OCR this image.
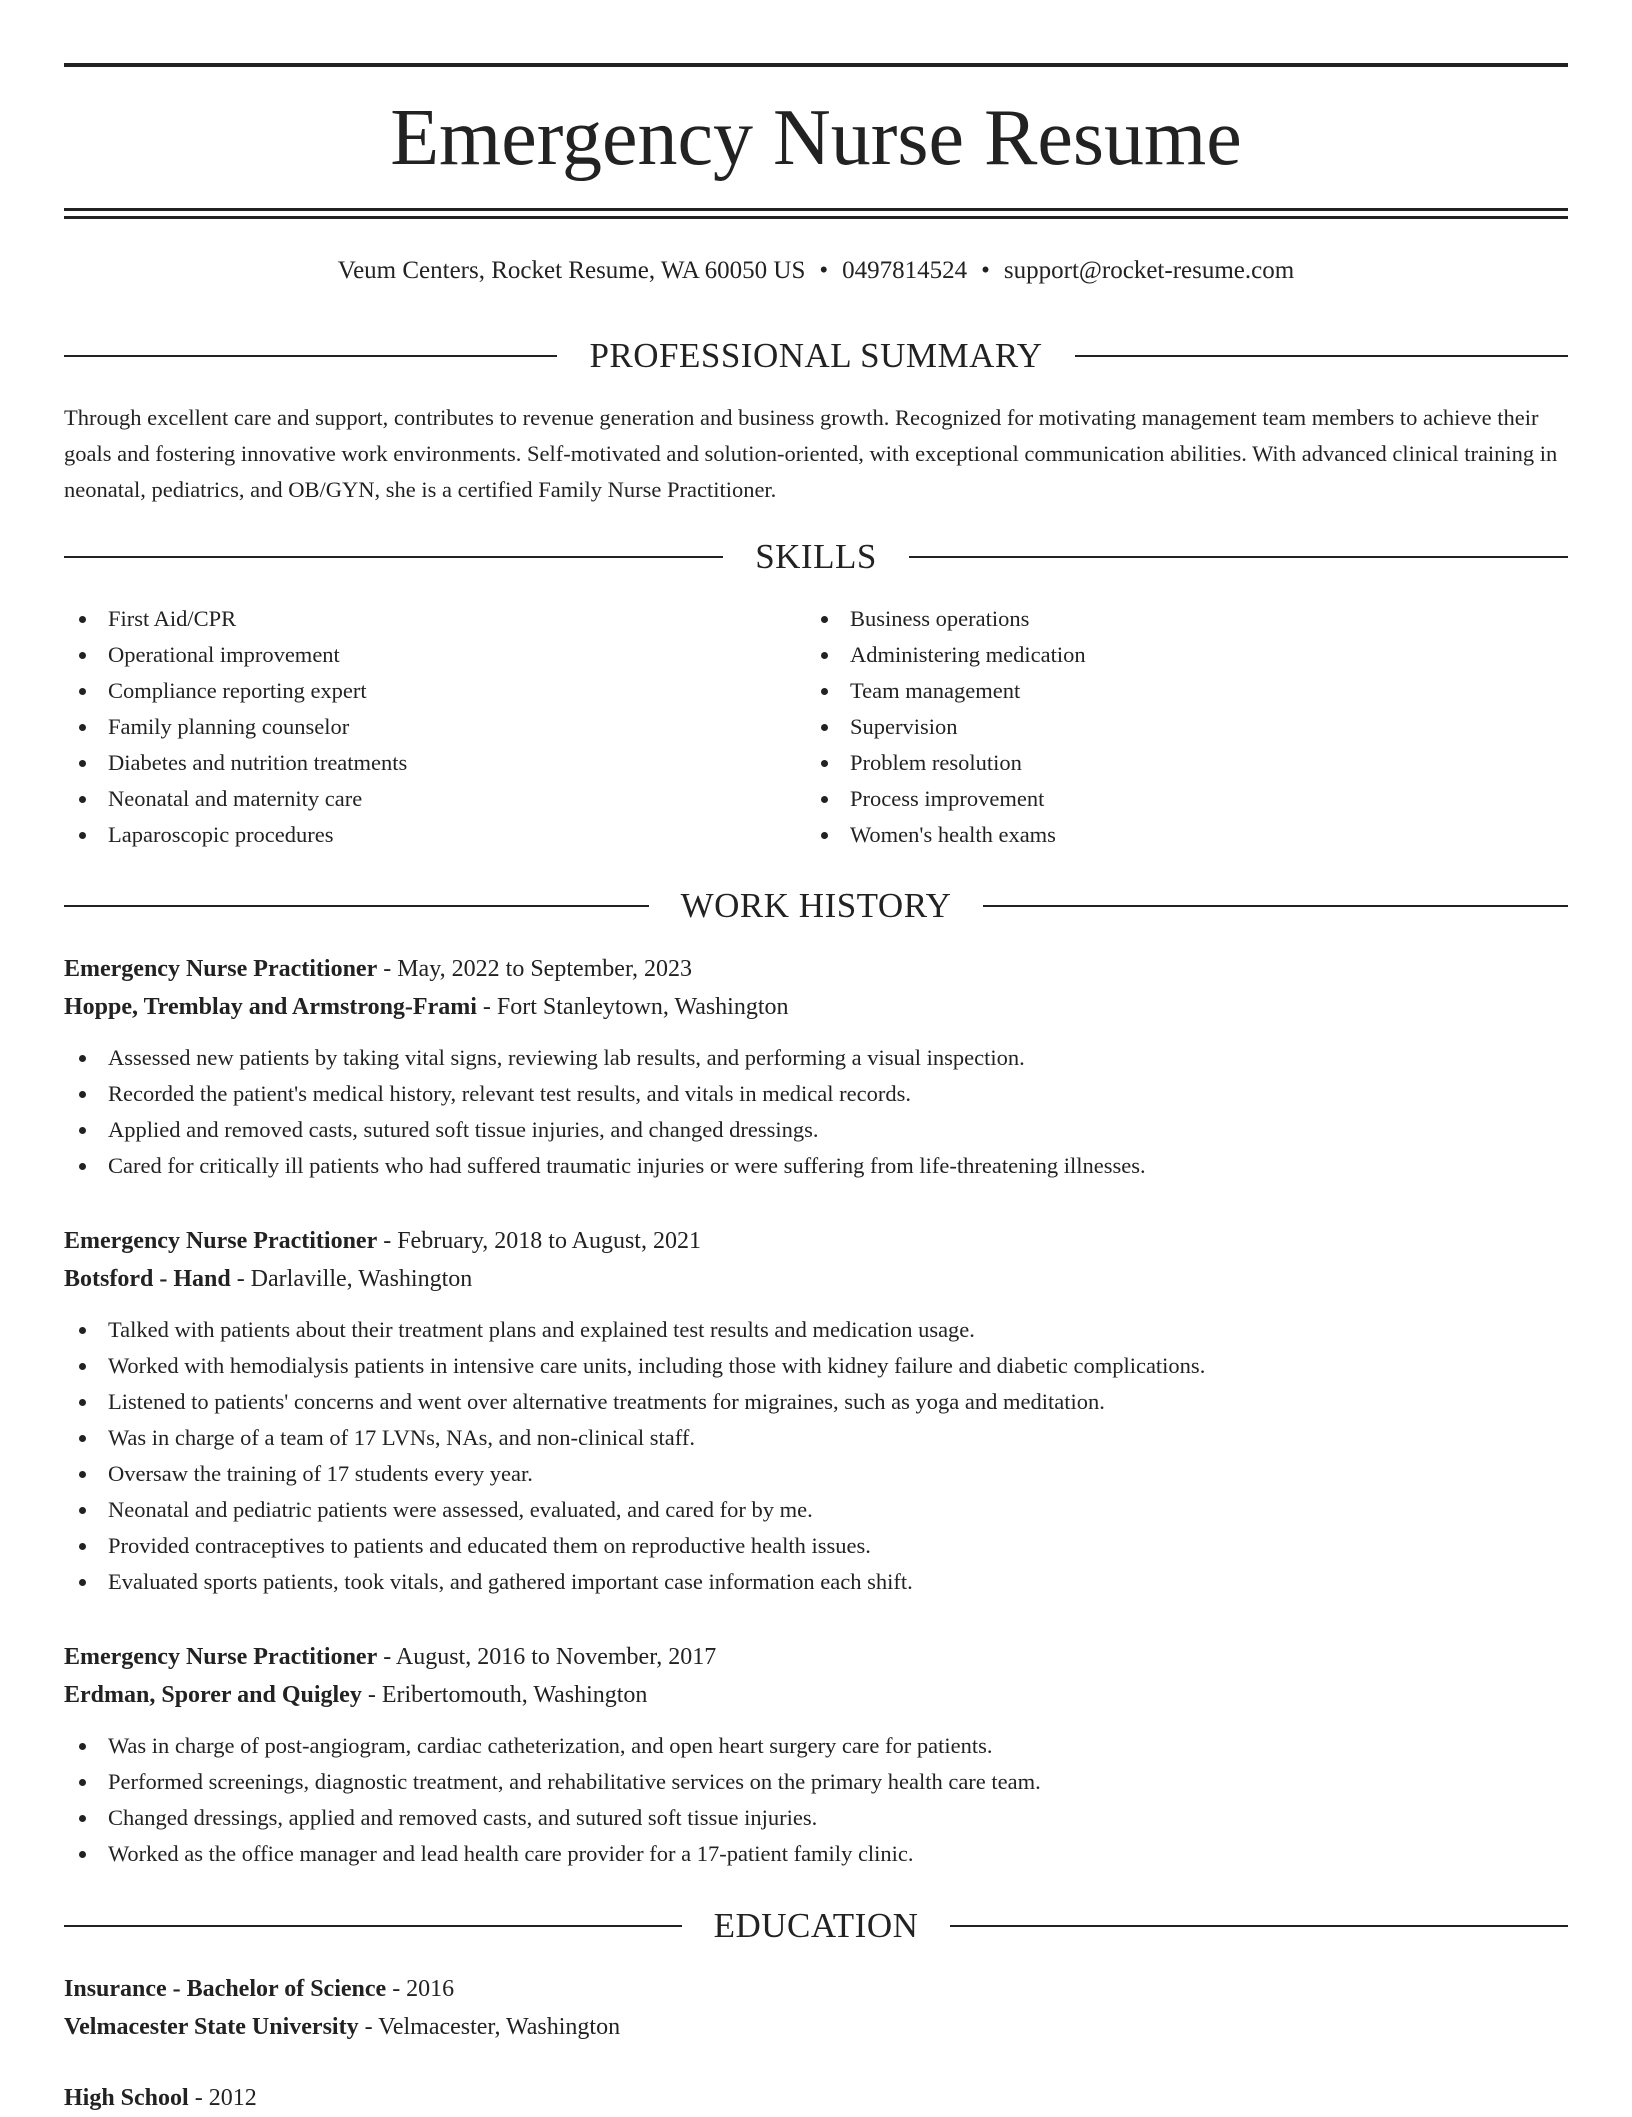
Emergency Nurse Resume
Veum Centers, Rocket Resume, WA 60050 US • 0497814524 • support@rocket-resume.com
PROFESSIONAL SUMMARY

Through excellent care and support, contributes to revenue generation and business growth. Recognized for motivating management team members to achieve their goals and fostering innovative work environments. Self-motivated and solution-oriented, with exceptional communication abilities. With advanced clinical training in neonatal, pediatrics, and OB/GYN, she is a certified Family Nurse Practitioner.

SKILLS
First Aid/CPR
Operational improvement
Compliance reporting expert
Family planning counselor
Diabetes and nutrition treatments
Neonatal and maternity care
Laparoscopic procedures
Business operations
Administering medication
Team management
Supervision
Problem resolution
Process improvement
Women's health exams
WORK HISTORY
Emergency Nurse Practitioner - May, 2022 to September, 2023
Hoppe, Tremblay and Armstrong-Frami - Fort Stanleytown, Washington
Assessed new patients by taking vital signs, reviewing lab results, and performing a visual inspection.
Recorded the patient's medical history, relevant test results, and vitals in medical records.
Applied and removed casts, sutured soft tissue injuries, and changed dressings.
Cared for critically ill patients who had suffered traumatic injuries or were suffering from life-threatening illnesses.
Emergency Nurse Practitioner - February, 2018 to August, 2021
Botsford - Hand - Darlaville, Washington
Talked with patients about their treatment plans and explained test results and medication usage.
Worked with hemodialysis patients in intensive care units, including those with kidney failure and diabetic complications.
Listened to patients' concerns and went over alternative treatments for migraines, such as yoga and meditation.
Was in charge of a team of 17 LVNs, NAs, and non-clinical staff.
Oversaw the training of 17 students every year.
Neonatal and pediatric patients were assessed, evaluated, and cared for by me.
Provided contraceptives to patients and educated them on reproductive health issues.
Evaluated sports patients, took vitals, and gathered important case information each shift.
Emergency Nurse Practitioner - August, 2016 to November, 2017
Erdman, Sporer and Quigley - Eribertomouth, Washington
Was in charge of post-angiogram, cardiac catheterization, and open heart surgery care for patients.
Performed screenings, diagnostic treatment, and rehabilitative services on the primary health care team.
Changed dressings, applied and removed casts, and sutured soft tissue injuries.
Worked as the office manager and lead health care provider for a 17-patient family clinic.
EDUCATION
Insurance - Bachelor of Science - 2016
Velmacester State University - Velmacester, Washington
High School - 2012
